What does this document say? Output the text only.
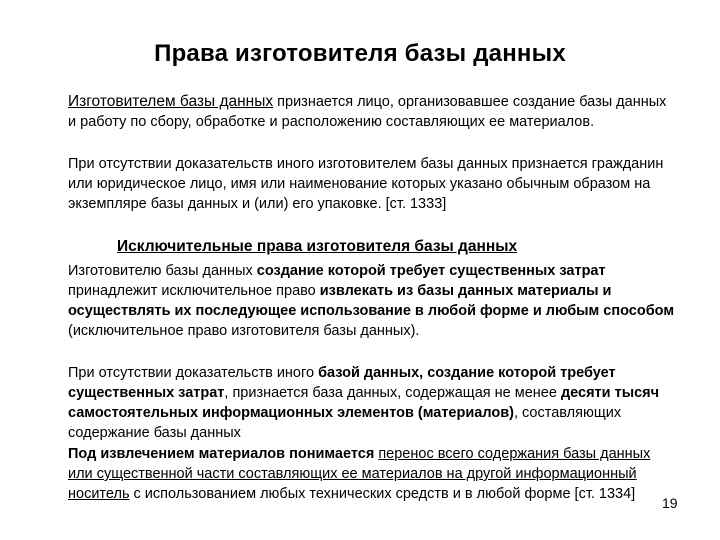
Права изготовителя базы данных

Изготовителем базы данных признается лицо, организовавшее создание базы данных и работу по сбору, обработке и расположению составляющих ее материалов.

При отсутствии доказательств иного изготовителем базы данных признается гражданин или юридическое лицо, имя или наименование которых указано обычным образом на экземпляре базы данных и (или) его упаковке. [ст. 1333]

Исключительные права изготовителя базы данных

Изготовителю базы данных создание которой требует существенных затрат принадлежит исключительное право извлекать из базы данных материалы и осуществлять их последующее использование в любой форме и любым способом (исключительное право изготовителя базы данных).

При отсутствии доказательств иного базой данных, создание которой требует существенных затрат, признается база данных, содержащая не менее десяти тысяч самостоятельных информационных элементов (материалов), составляющих содержание базы данных

Под извлечением материалов понимается перенос всего содержания базы данных или существенной части составляющих ее материалов на другой информационный носитель с использованием любых технических средств и в любой форме [ст. 1334]

19
